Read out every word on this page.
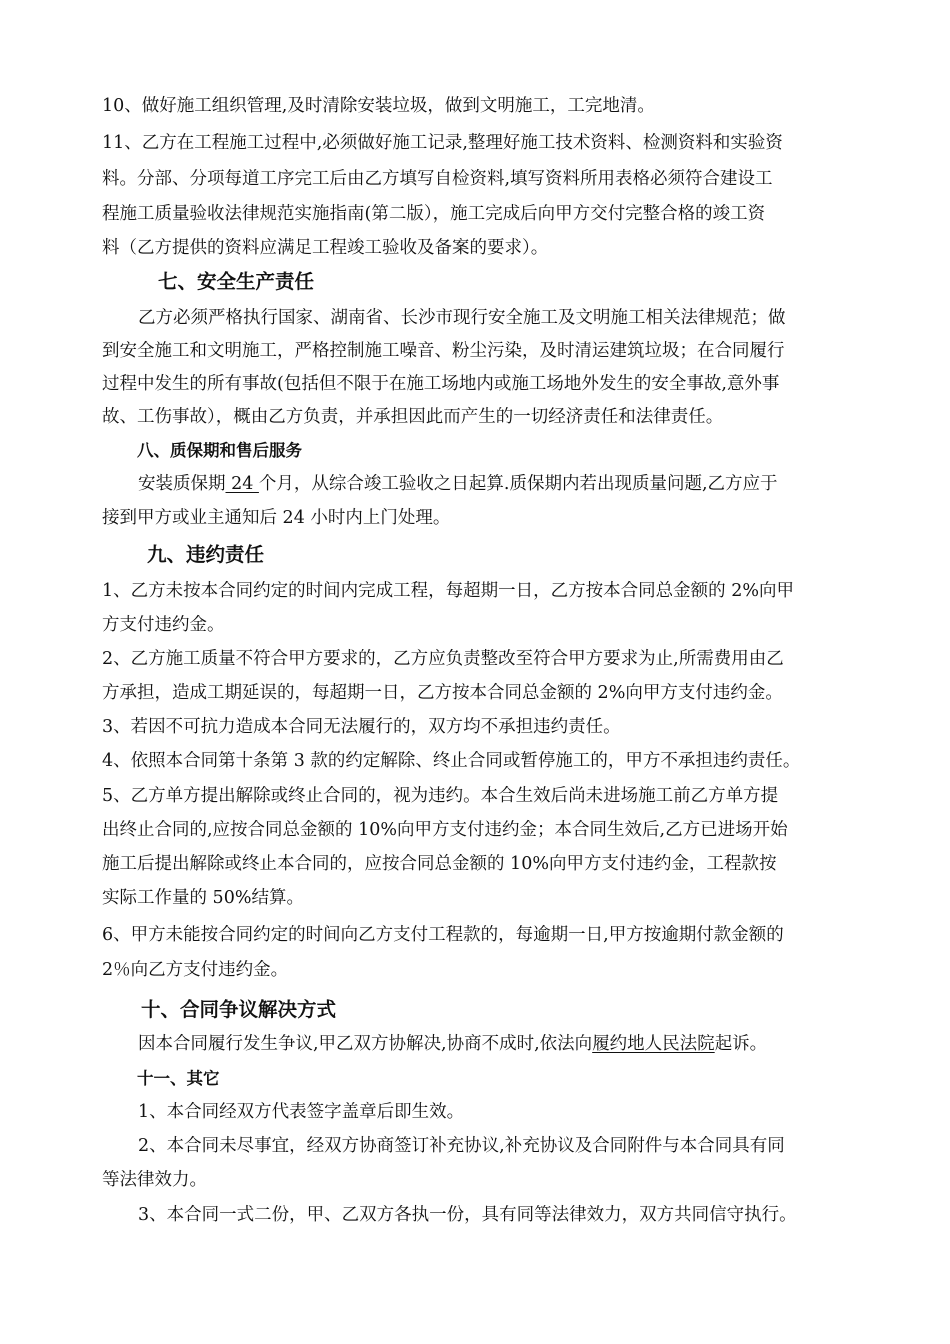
10、做好施工组织管理,及时清除安装垃圾，做到文明施工，工完地清。
11、乙方在工程施工过程中,必须做好施工记录,整理好施工技术资料、检测资料和实验资
料。分部、分项每道工序完工后由乙方填写自检资料,填写资料所用表格必须符合建设工
程施工质量验收法律规范实施指南(第二版），施工完成后向甲方交付完整合格的竣工资
料（乙方提供的资料应满足工程竣工验收及备案的要求）。
七、安全生产责任
乙方必须严格执行国家、湖南省、长沙市现行安全施工及文明施工相关法律规范；做
到安全施工和文明施工，严格控制施工噪音、粉尘污染，及时清运建筑垃圾；在合同履行
过程中发生的所有事故(包括但不限于在施工场地内或施工场地外发生的安全事故,意外事
故、工伤事故），概由乙方负责，并承担因此而产生的一切经济责任和法律责任。
八、质保期和售后服务
安装质保期 24 个月，从综合竣工验收之日起算.质保期内若出现质量问题,乙方应于
接到甲方或业主通知后 24 小时内上门处理。
九、违约责任
1、乙方未按本合同约定的时间内完成工程，每超期一日，乙方按本合同总金额的 2%向甲
方支付违约金。
2、乙方施工质量不符合甲方要求的，乙方应负责整改至符合甲方要求为止,所需费用由乙
方承担，造成工期延误的，每超期一日，乙方按本合同总金额的 2%向甲方支付违约金。
3、若因不可抗力造成本合同无法履行的，双方均不承担违约责任。
4、依照本合同第十条第 3 款的约定解除、终止合同或暂停施工的，甲方不承担违约责任。
5、乙方单方提出解除或终止合同的，视为违约。本合生效后尚未进场施工前乙方单方提
出终止合同的,应按合同总金额的 10%向甲方支付违约金；本合同生效后,乙方已进场开始
施工后提出解除或终止本合同的，应按合同总金额的 10%向甲方支付违约金，工程款按
实际工作量的 50%结算。
6、甲方未能按合同约定的时间向乙方支付工程款的，每逾期一日,甲方按逾期付款金额的
2％向乙方支付违约金。
十、合同争议解决方式
因本合同履行发生争议,甲乙双方协解决,协商不成时,依法向履约地人民法院起诉。
十一、其它
1、本合同经双方代表签字盖章后即生效。
2、本合同未尽事宜，经双方协商签订补充协议,补充协议及合同附件与本合同具有同
等法律效力。
3、本合同一式二份，甲、乙双方各执一份，具有同等法律效力，双方共同信守执行。
